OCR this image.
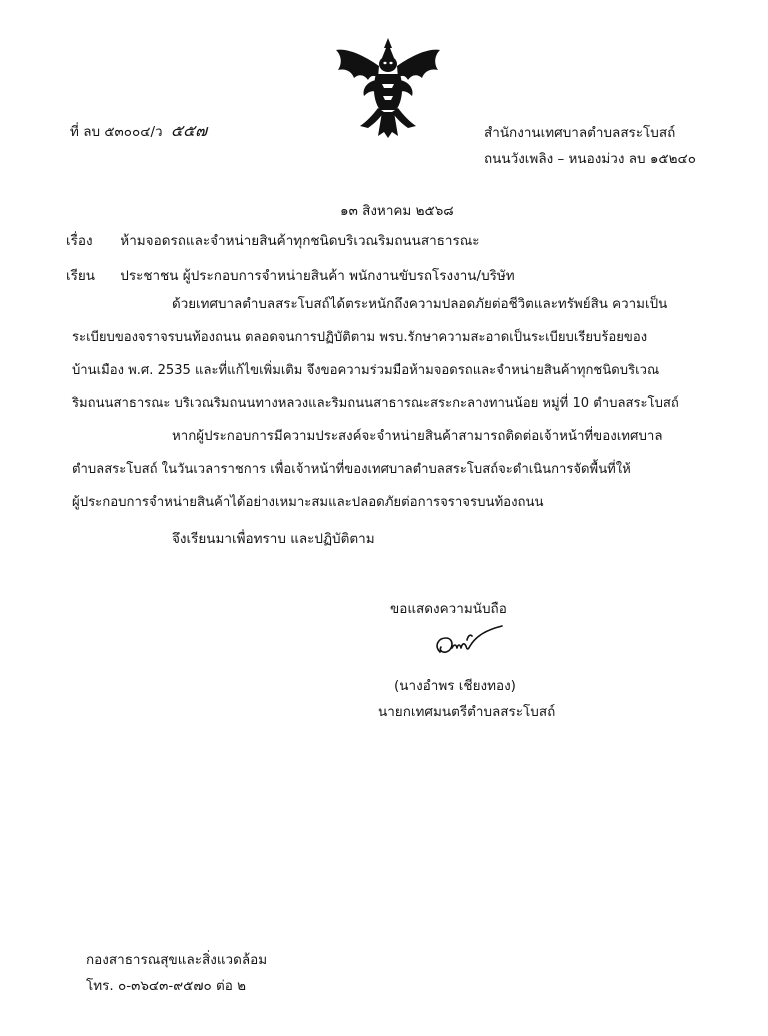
ที่ ลบ ๕๓๐๐๔/ว ๕๕๗	สำนักงานเทศบาลตำบลสระโบสถ์
ถนนวังเพลิง – หนองม่วง ลบ ๑๕๒๔๐
๑๓ สิงหาคม ๒๕๖๘
เรื่อง ห้ามจอดรถและจำหน่ายสินค้าทุกชนิดบริเวณริมถนนสาธารณะ
เรียน ประชาชน ผู้ประกอบการจำหน่ายสินค้า พนักงานขับรถโรงงาน/บริษัท
ด้วยเทศบาลตำบลสระโบสถ์ได้ตระหนักถึงความปลอดภัยต่อชีวิตและทรัพย์สิน ความเป็น
ระเบียบของจราจรบนท้องถนน ตลอดจนการปฏิบัติตาม พรบ.รักษาความสะอาดเป็นระเบียบเรียบร้อยของ
บ้านเมือง พ.ศ. 2535 และที่แก้ไขเพิ่มเติม จึงขอความร่วมมือห้ามจอดรถและจำหน่ายสินค้าทุกชนิดบริเวณ
ริมถนนสาธารณะ บริเวณริมถนนทางหลวงและริมถนนสาธารณะสระกะลางทานน้อย หมู่ที่ 10 ตำบลสระโบสถ์
หากผู้ประกอบการมีความประสงค์จะจำหน่ายสินค้าสามารถติดต่อเจ้าหน้าที่ของเทศบาล
ตำบลสระโบสถ์ ในวันเวลาราชการ เพื่อเจ้าหน้าที่ของเทศบาลตำบลสระโบสถ์จะดำเนินการจัดพื้นที่ให้
ผู้ประกอบการจำหน่ายสินค้าได้อย่างเหมาะสมและปลอดภัยต่อการจราจรบนท้องถนน
จึงเรียนมาเพื่อทราบ และปฏิบัติตาม
ขอแสดงความนับถือ
(นางอำพร เชียงทอง)
นายกเทศมนตรีตำบลสระโบสถ์
กองสาธารณสุขและสิ่งแวดล้อม
โทร. ๐-๓๖๔๓-๙๕๗๐ ต่อ ๒
